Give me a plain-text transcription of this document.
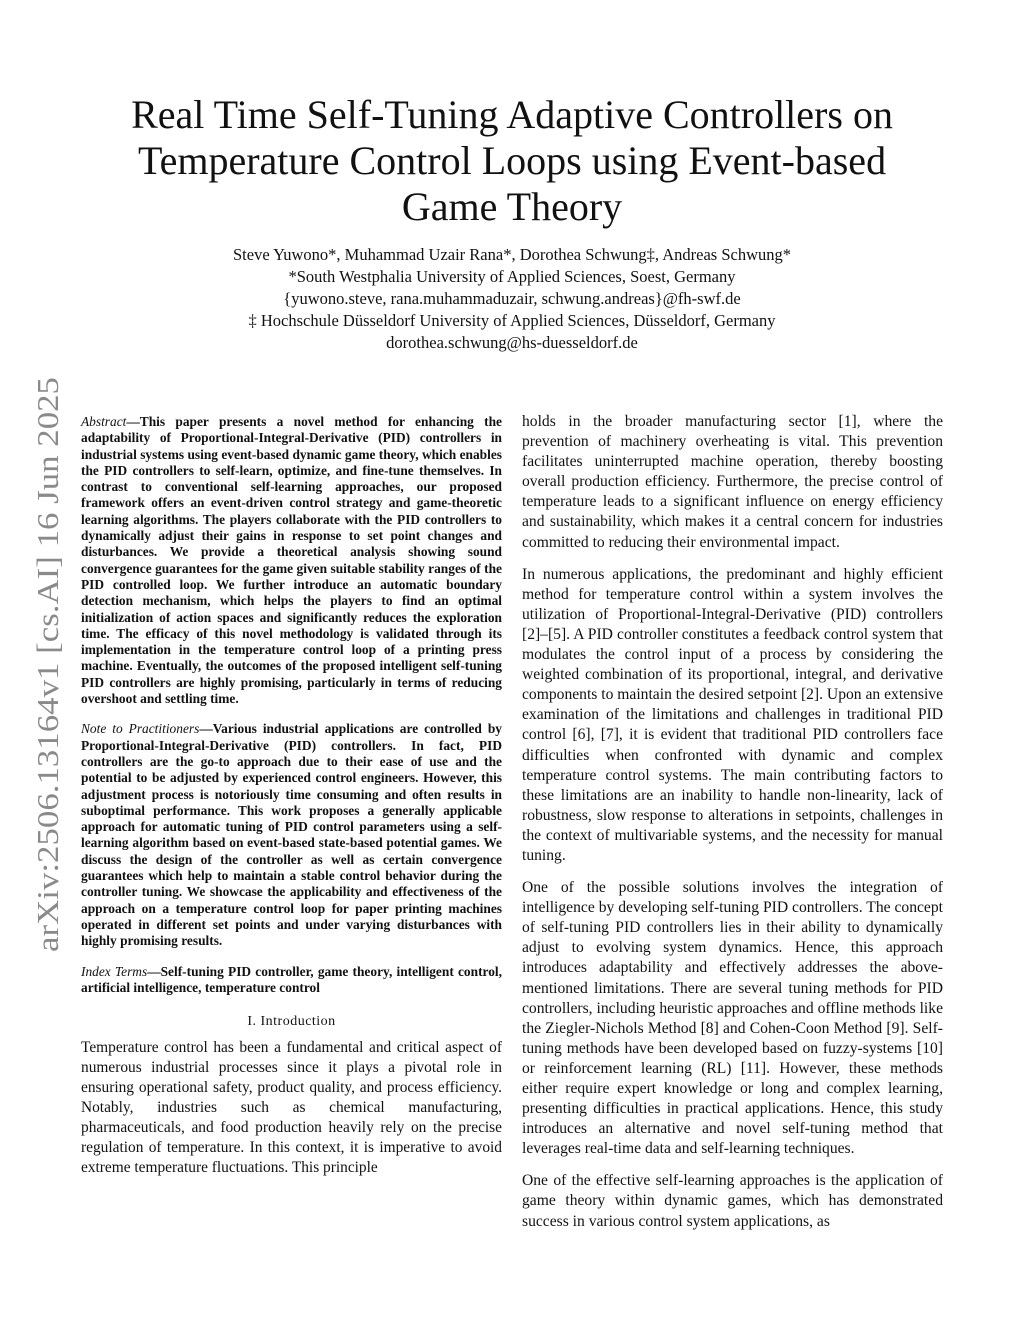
arXiv:2506.13164v1 [cs.AI] 16 Jun 2025
Real Time Self-Tuning Adaptive Controllers on Temperature Control Loops using Event-based Game Theory
Steve Yuwono*, Muhammad Uzair Rana*, Dorothea Schwung‡, Andreas Schwung*
*South Westphalia University of Applied Sciences, Soest, Germany
{yuwono.steve, rana.muhammaduzair, schwung.andreas}@fh-swf.de
‡ Hochschule Düsseldorf University of Applied Sciences, Düsseldorf, Germany
dorothea.schwung@hs-duesseldorf.de

Abstract—This paper presents a novel method for enhancing the adaptability of Proportional-Integral-Derivative (PID) controllers in industrial systems using event-based dynamic game theory, which enables the PID controllers to self-learn, optimize, and fine-tune themselves. In contrast to conventional self-learning approaches, our proposed framework offers an event-driven control strategy and game-theoretic learning algorithms. The players collaborate with the PID controllers to dynamically adjust their gains in response to set point changes and disturbances. We provide a theoretical analysis showing sound convergence guarantees for the game given suitable stability ranges of the PID controlled loop. We further introduce an automatic boundary detection mechanism, which helps the players to find an optimal initialization of action spaces and significantly reduces the exploration time. The efficacy of this novel methodology is validated through its implementation in the temperature control loop of a printing press machine. Eventually, the outcomes of the proposed intelligent self-tuning PID controllers are highly promising, particularly in terms of reducing overshoot and settling time.

Note to Practitioners—Various industrial applications are controlled by Proportional-Integral-Derivative (PID) controllers. In fact, PID controllers are the go-to approach due to their ease of use and the potential to be adjusted by experienced control engineers. However, this adjustment process is notoriously time consuming and often results in suboptimal performance. This work proposes a generally applicable approach for automatic tuning of PID control parameters using a self-learning algorithm based on event-based state-based potential games. We discuss the design of the controller as well as certain convergence guarantees which help to maintain a stable control behavior during the controller tuning. We showcase the applicability and effectiveness of the approach on a temperature control loop for paper printing machines operated in different set points and under varying disturbances with highly promising results.

Index Terms—Self-tuning PID controller, game theory, intelligent control, artificial intelligence, temperature control

I. Introduction

Temperature control has been a fundamental and critical aspect of numerous industrial processes since it plays a pivotal role in ensuring operational safety, product quality, and process efficiency. Notably, industries such as chemical manufacturing, pharmaceuticals, and food production heavily rely on the precise regulation of temperature. In this context, it is imperative to avoid extreme temperature fluctuations. This principle

holds in the broader manufacturing sector [1], where the prevention of machinery overheating is vital. This prevention facilitates uninterrupted machine operation, thereby boosting overall production efficiency. Furthermore, the precise control of temperature leads to a significant influence on energy efficiency and sustainability, which makes it a central concern for industries committed to reducing their environmental impact.

In numerous applications, the predominant and highly efficient method for temperature control within a system involves the utilization of Proportional-Integral-Derivative (PID) controllers [2]–[5]. A PID controller constitutes a feedback control system that modulates the control input of a process by considering the weighted combination of its proportional, integral, and derivative components to maintain the desired setpoint [2]. Upon an extensive examination of the limitations and challenges in traditional PID control [6], [7], it is evident that traditional PID controllers face difficulties when confronted with dynamic and complex temperature control systems. The main contributing factors to these limitations are an inability to handle non-linearity, lack of robustness, slow response to alterations in setpoints, challenges in the context of multivariable systems, and the necessity for manual tuning.

One of the possible solutions involves the integration of intelligence by developing self-tuning PID controllers. The concept of self-tuning PID controllers lies in their ability to dynamically adjust to evolving system dynamics. Hence, this approach introduces adaptability and effectively addresses the above-mentioned limitations. There are several tuning methods for PID controllers, including heuristic approaches and offline methods like the Ziegler-Nichols Method [8] and Cohen-Coon Method [9]. Self-tuning methods have been developed based on fuzzy-systems [10] or reinforcement learning (RL) [11]. However, these methods either require expert knowledge or long and complex learning, presenting difficulties in practical applications. Hence, this study introduces an alternative and novel self-tuning method that leverages real-time data and self-learning techniques.

One of the effective self-learning approaches is the application of game theory within dynamic games, which has demonstrated success in various control system applications, as
